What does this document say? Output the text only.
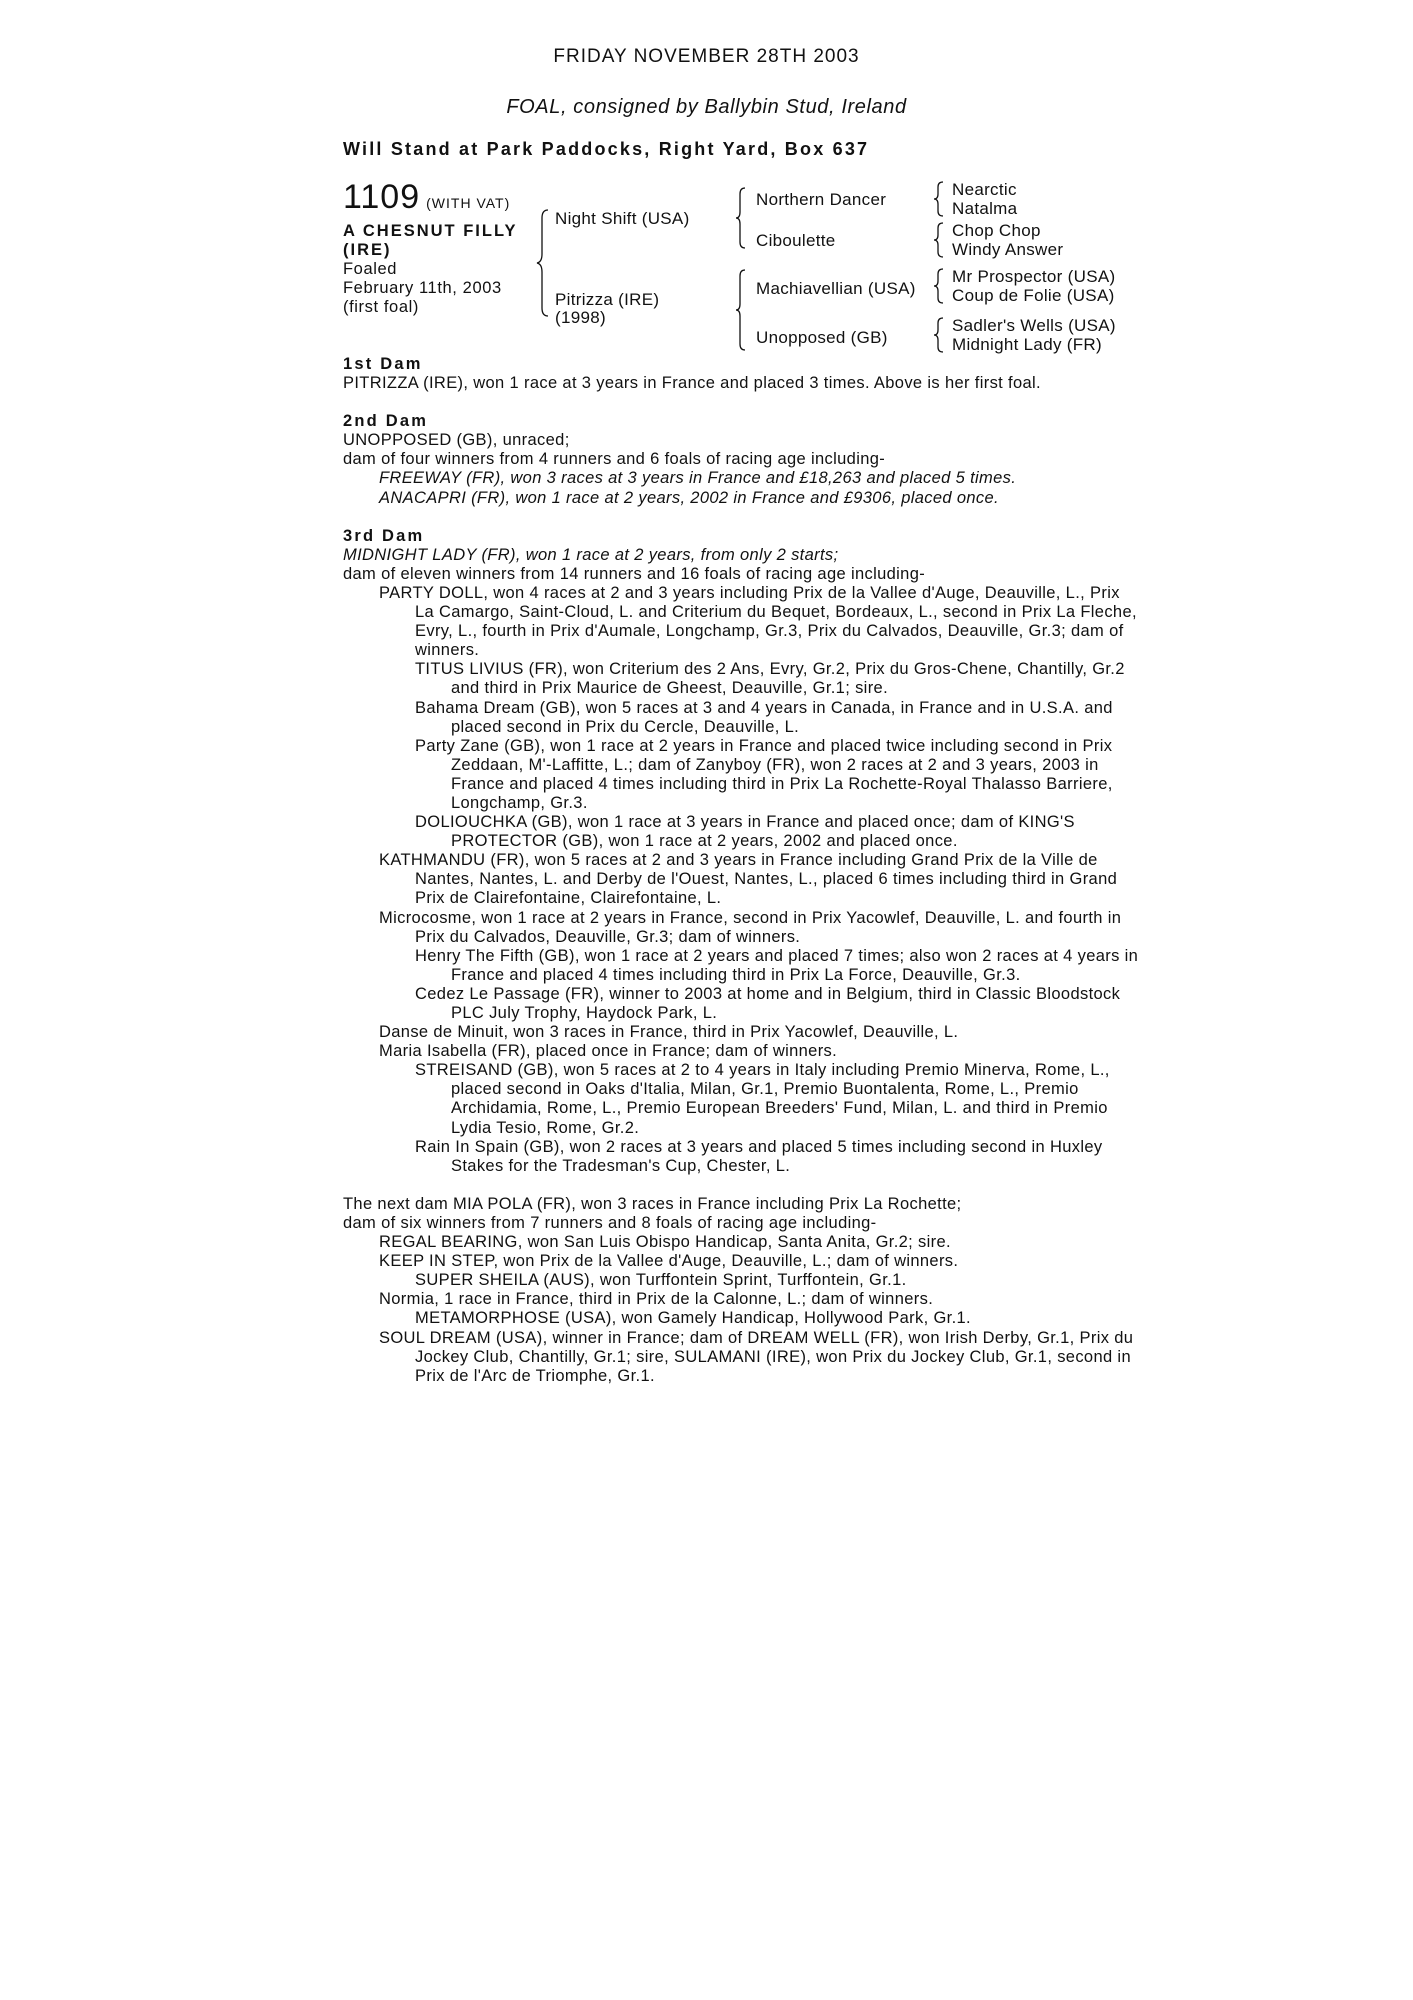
FRIDAY NOVEMBER 28TH 2003
FOAL, consigned by Ballybin Stud, Ireland
Will Stand at Park Paddocks, Right Yard, Box 637
1109 (WITH VAT)
A CHESNUT FILLY
(IRE)
Foaled
February 11th, 2003
(first foal)
Night Shift (USA)
Pitrizza (IRE)
(1998)
Northern Dancer
Ciboulette
Machiavellian (USA)
Unopposed (GB)
Nearctic
Natalma
Chop Chop
Windy Answer
Mr Prospector (USA)
Coup de Folie (USA)
Sadler's Wells (USA)
Midnight Lady (FR)
1st Dam
PITRIZZA (IRE), won 1 race at 3 years in France and placed 3 times. Above is her first foal.
2nd Dam
UNOPPOSED (GB), unraced;
dam of four winners from 4 runners and 6 foals of racing age including-
FREEWAY (FR), won 3 races at 3 years in France and £18,263 and placed 5 times.
ANACAPRI (FR), won 1 race at 2 years, 2002 in France and £9306, placed once.
3rd Dam
MIDNIGHT LADY (FR), won 1 race at 2 years, from only 2 starts;
dam of eleven winners from 14 runners and 16 foals of racing age including-
PARTY DOLL, won 4 races at 2 and 3 years including Prix de la Vallee d'Auge, Deauville, L., Prix La Camargo, Saint-Cloud, L. and Criterium du Bequet, Bordeaux, L., second in Prix La Fleche, Evry, L., fourth in Prix d'Aumale, Longchamp, Gr.3, Prix du Calvados, Deauville, Gr.3; dam of winners.
TITUS LIVIUS (FR), won Criterium des 2 Ans, Evry, Gr.2, Prix du Gros-Chene, Chantilly, Gr.2 and third in Prix Maurice de Gheest, Deauville, Gr.1; sire.
Bahama Dream (GB), won 5 races at 3 and 4 years in Canada, in France and in U.S.A. and placed second in Prix du Cercle, Deauville, L.
Party Zane (GB), won 1 race at 2 years in France and placed twice including second in Prix Zeddaan, M'-Laffitte, L.; dam of Zanyboy (FR), won 2 races at 2 and 3 years, 2003 in France and placed 4 times including third in Prix La Rochette-Royal Thalasso Barriere, Longchamp, Gr.3.
DOLIOUCHKA (GB), won 1 race at 3 years in France and placed once; dam of KING'S PROTECTOR (GB), won 1 race at 2 years, 2002 and placed once.
KATHMANDU (FR), won 5 races at 2 and 3 years in France including Grand Prix de la Ville de Nantes, Nantes, L. and Derby de l'Ouest, Nantes, L., placed 6 times including third in Grand Prix de Clairefontaine, Clairefontaine, L.
Microcosme, won 1 race at 2 years in France, second in Prix Yacowlef, Deauville, L. and fourth in Prix du Calvados, Deauville, Gr.3; dam of winners.
Henry The Fifth (GB), won 1 race at 2 years and placed 7 times; also won 2 races at 4 years in France and placed 4 times including third in Prix La Force, Deauville, Gr.3.
Cedez Le Passage (FR), winner to 2003 at home and in Belgium, third in Classic Bloodstock PLC July Trophy, Haydock Park, L.
Danse de Minuit, won 3 races in France, third in Prix Yacowlef, Deauville, L.
Maria Isabella (FR), placed once in France; dam of winners.
STREISAND (GB), won 5 races at 2 to 4 years in Italy including Premio Minerva, Rome, L., placed second in Oaks d'Italia, Milan, Gr.1, Premio Buontalenta, Rome, L., Premio Archidamia, Rome, L., Premio European Breeders' Fund, Milan, L. and third in Premio Lydia Tesio, Rome, Gr.2.
Rain In Spain (GB), won 2 races at 3 years and placed 5 times including second in Huxley Stakes for the Tradesman's Cup, Chester, L.
The next dam MIA POLA (FR), won 3 races in France including Prix La Rochette;
dam of six winners from 7 runners and 8 foals of racing age including-
REGAL BEARING, won San Luis Obispo Handicap, Santa Anita, Gr.2; sire.
KEEP IN STEP, won Prix de la Vallee d'Auge, Deauville, L.; dam of winners.
SUPER SHEILA (AUS), won Turffontein Sprint, Turffontein, Gr.1.
Normia, 1 race in France, third in Prix de la Calonne, L.; dam of winners.
METAMORPHOSE (USA), won Gamely Handicap, Hollywood Park, Gr.1.
SOUL DREAM (USA), winner in France; dam of DREAM WELL (FR), won Irish Derby, Gr.1, Prix du Jockey Club, Chantilly, Gr.1; sire, SULAMANI (IRE), won Prix du Jockey Club, Gr.1, second in Prix de l'Arc de Triomphe, Gr.1.
